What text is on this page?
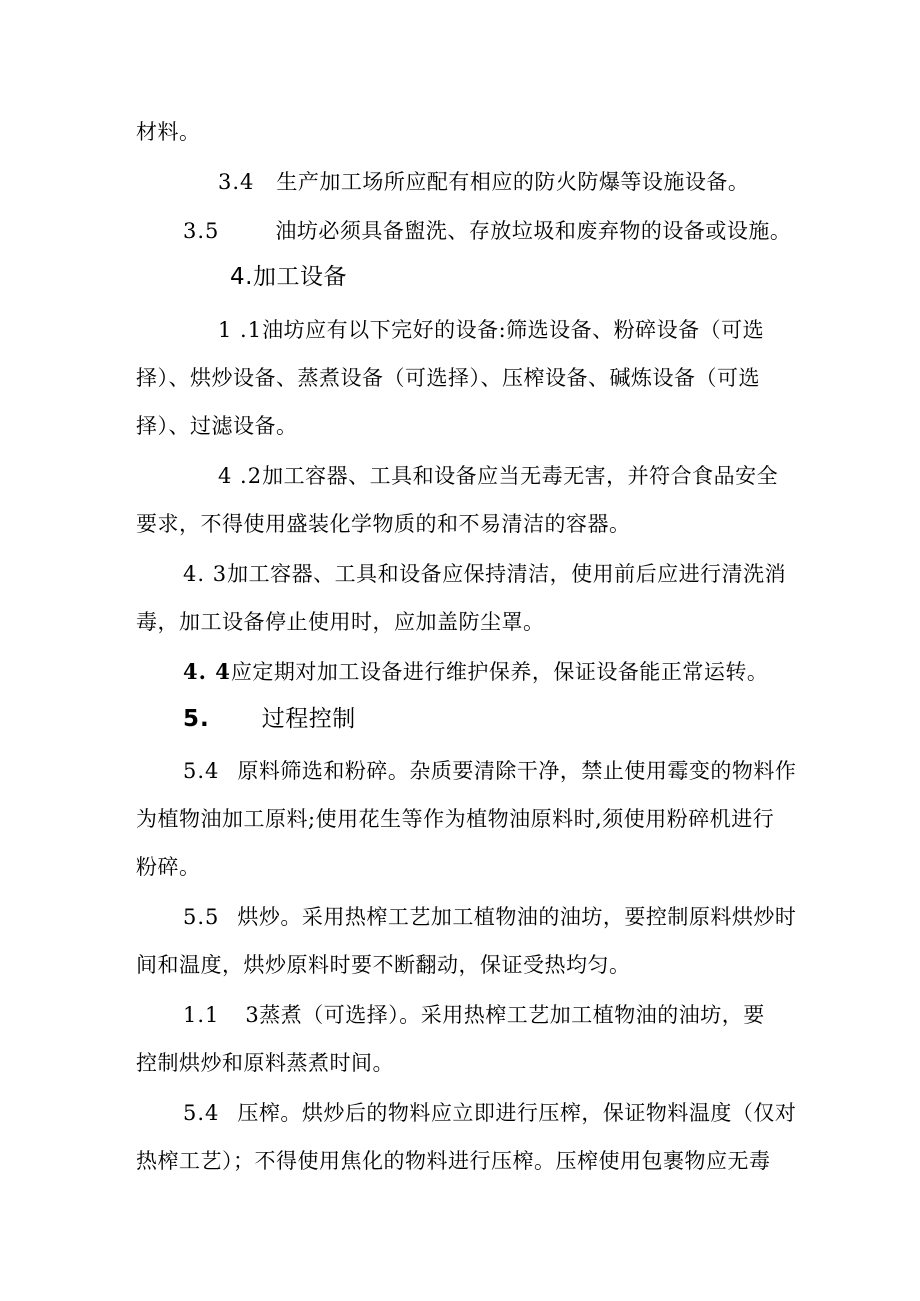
材料。

3.4 生产加工场所应配有相应的防火防爆等设施设备。

3.5	油坊必须具备盥洗、存放垃圾和废弃物的设备或设施。

4.加工设备

1 .1油坊应有以下完好的设备:筛选设备、粉碎设备（可选

择）、烘炒设备、蒸煮设备（可选择）、压榨设备、碱炼设备（可选

择）、过滤设备。

4 .2加工容器、工具和设备应当无毒无害，并符合食品安全

要求，不得使用盛装化学物质的和不易清洁的容器。

4. 3加工容器、工具和设备应保持清洁，使用前后应进行清洗消

毒，加工设备停止使用时，应加盖防尘罩。

4. 4应定期对加工设备进行维护保养，保证设备能正常运转。

5. 过程控制

5.4 原料筛选和粉碎。杂质要清除干净，禁止使用霉变的物料作

为植物油加工原料;使用花生等作为植物油原料时,须使用粉碎机进行

粉碎。

5.5 烘炒。采用热榨工艺加工植物油的油坊，要控制原料烘炒时

间和温度，烘炒原料时要不断翻动，保证受热均匀。

1.1 3蒸煮（可选择）。采用热榨工艺加工植物油的油坊，要

控制烘炒和原料蒸煮时间。

5.4 压榨。烘炒后的物料应立即进行压榨，保证物料温度（仅对

热榨工艺）；不得使用焦化的物料进行压榨。压榨使用包裹物应无毒
